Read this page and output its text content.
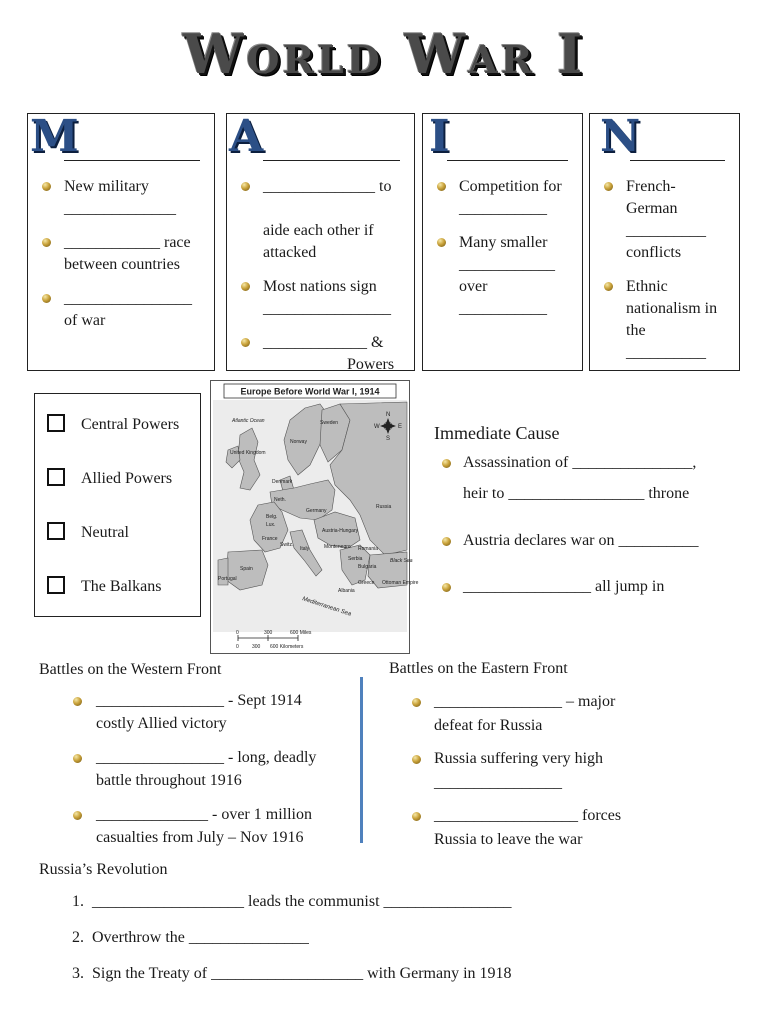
World War I
M
New military
______________
____________ race
between countries
________________
of war
A
______________ to

aide each other if
attacked
Most nations sign
________________
_____________ &
Powers
I
Competition for
___________
Many smaller
____________
over
___________
N
French-
German
__________
conflicts
Ethnic
nationalism in
the
__________
Central Powers
Allied Powers
Neutral
The Balkans
Europe Before World War I, 1914
Atlantic Ocean
United Kingdom
Norway
Sweden
Russia
Denmark
Neth.
Germany
Belg.
Lux.
France
Switz.
Austria-Hungary
Montenegro
Italy
Spain
Portugal
Romania
Serbia
Bulgaria
Albania
Greece Ottoman Empire
Black Sea
Mediterranean Sea
N
W	E
S
0	300	600 Miles
0	300 600 Kilometers
Immediate Cause
Assassination of _______________,
heir to _________________ throne
Austria declares war on __________
________________ all jump in
Battles on the Western Front
________________ - Sept 1914
costly Allied victory
________________ - long, deadly
battle throughout 1916
______________ - over 1 million
casualties from July – Nov 1916
Battles on the Eastern Front
________________ – major
defeat for Russia
Russia suffering very high
________________
__________________ forces
Russia to leave the war
Russia’s Revolution
1. ___________________ leads the communist ________________
2. Overthrow the _______________
3. Sign the Treaty of ___________________ with Germany in 1918
